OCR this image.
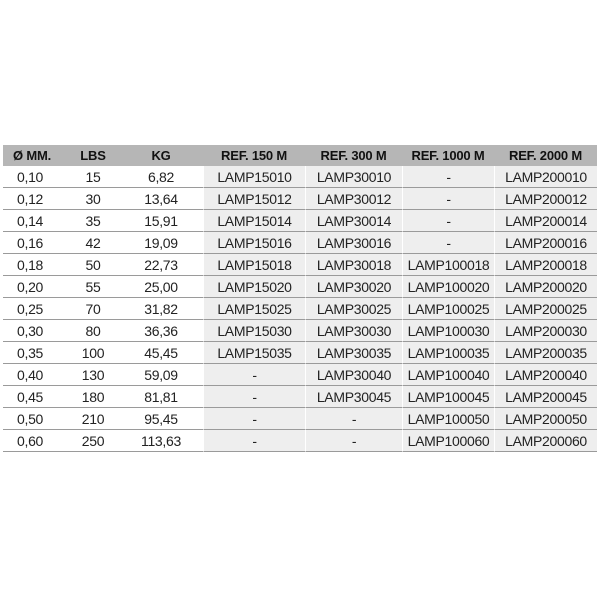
Ø MM.	LBS	KG	REF. 150 M	REF. 300 M	REF. 1000 M	REF. 2000 M
0,10	15	6,82	LAMP15010	LAMP30010	-	LAMP200010
0,12	30	13,64	LAMP15012	LAMP30012	-	LAMP200012
0,14	35	15,91	LAMP15014	LAMP30014	-	LAMP200014
0,16	42	19,09	LAMP15016	LAMP30016	-	LAMP200016
0,18	50	22,73	LAMP15018	LAMP30018	LAMP100018	LAMP200018
0,20	55	25,00	LAMP15020	LAMP30020	LAMP100020	LAMP200020
0,25	70	31,82	LAMP15025	LAMP30025	LAMP100025	LAMP200025
0,30	80	36,36	LAMP15030	LAMP30030	LAMP100030	LAMP200030
0,35	100	45,45	LAMP15035	LAMP30035	LAMP100035	LAMP200035
0,40	130	59,09	-	LAMP30040	LAMP100040	LAMP200040
0,45	180	81,81	-	LAMP30045	LAMP100045	LAMP200045
0,50	210	95,45	-	-	LAMP100050	LAMP200050
0,60	250	113,63	-	-	LAMP100060	LAMP200060
